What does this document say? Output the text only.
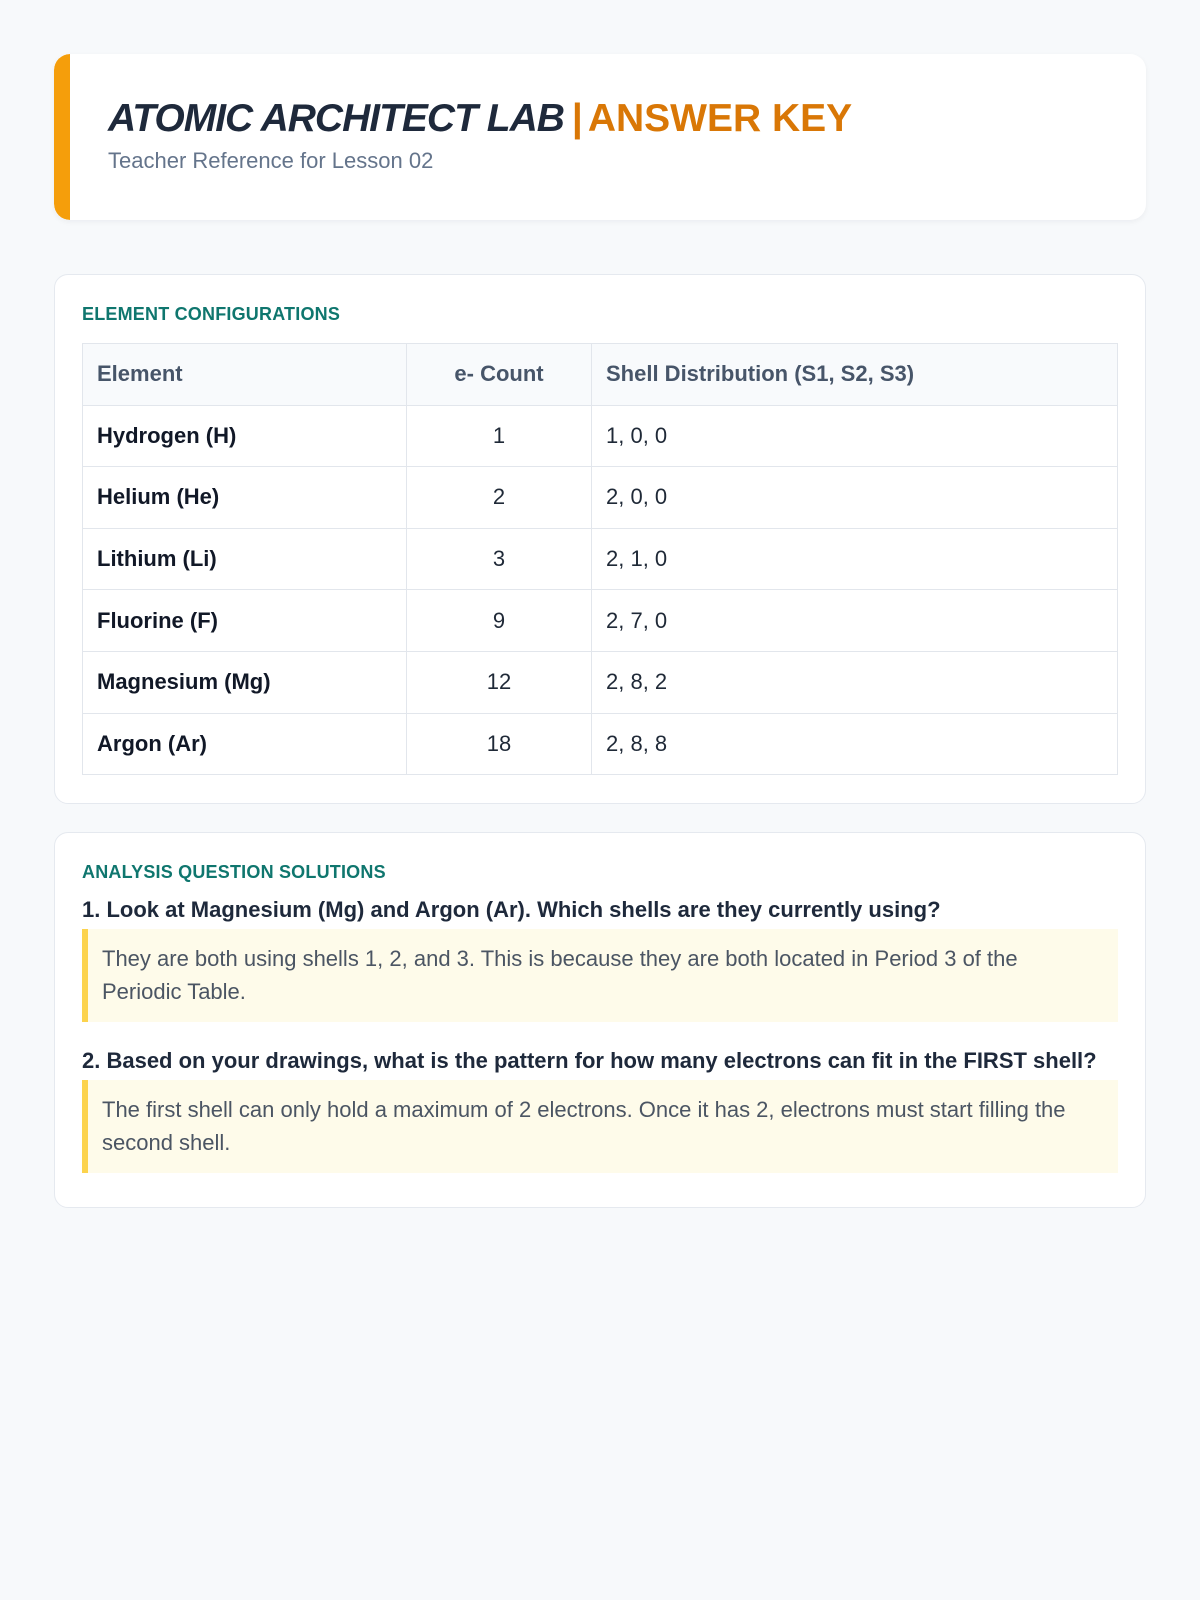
ATOMIC ARCHITECT LAB | ANSWER KEY
Teacher Reference for Lesson 02
ELEMENT CONFIGURATIONS
Element	e- Count	Shell Distribution (S1, S2, S3)
Hydrogen (H)	1	1, 0, 0
Helium (He)	2	2, 0, 0
Lithium (Li)	3	2, 1, 0
Fluorine (F)	9	2, 7, 0
Magnesium (Mg)	12	2, 8, 2
Argon (Ar)	18	2, 8, 8
ANALYSIS QUESTION SOLUTIONS
1. Look at Magnesium (Mg) and Argon (Ar). Which shells are they currently using?
They are both using shells 1, 2, and 3. This is because they are both located in Period 3 of the Periodic Table.
2. Based on your drawings, what is the pattern for how many electrons can fit in the FIRST shell?
The first shell can only hold a maximum of 2 electrons. Once it has 2, electrons must start filling the second shell.
